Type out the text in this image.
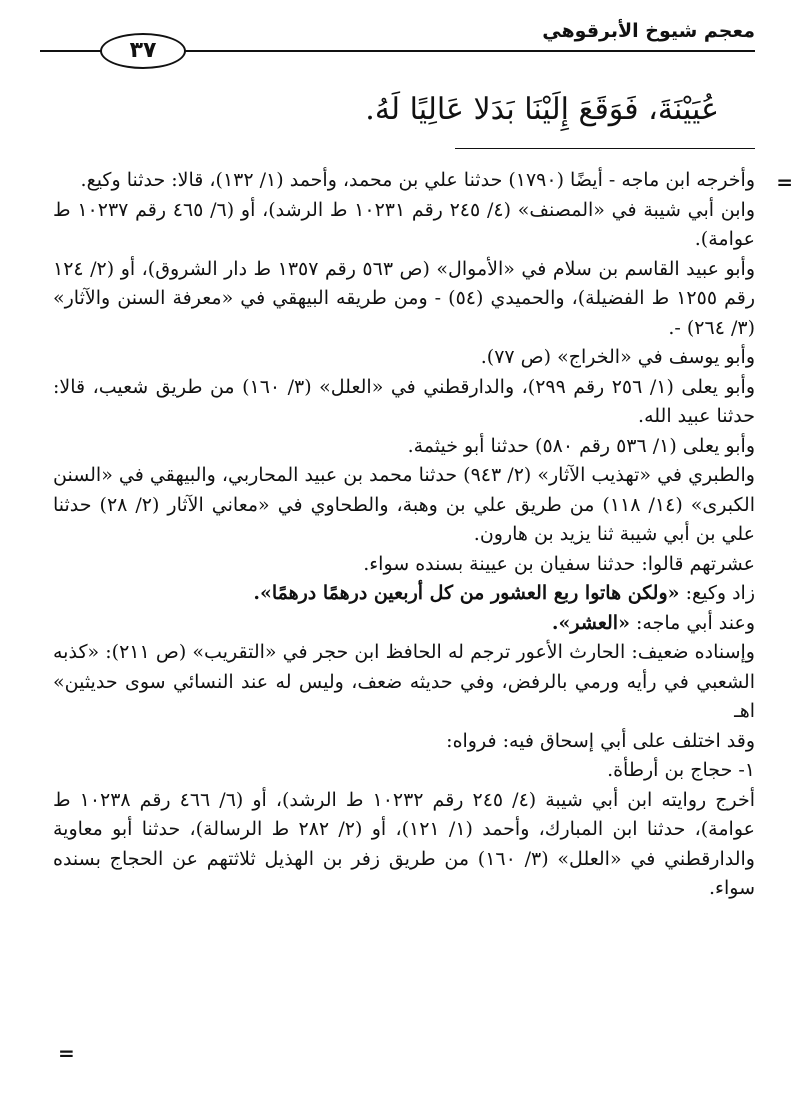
معجم شيوخ الأبرقوهي
٣٧
عُيَيْنَةَ، فَوَقَعَ إِلَيْنَا بَدَلا عَالِيًا لَهُ.
=

وأخرجه ابن ماجه - أيضًا (١٧٩٠) حدثنا علي بن محمد، وأحمد (١/ ١٣٢)، قالا: حدثنا وكيع.

وابن أبي شيبة في «المصنف» (٤/ ٢٤٥ رقم ١٠٢٣١ ط الرشد)، أو (٦/ ٤٦٥ رقم ١٠٢٣٧ ط عوامة).

وأبو عبيد القاسم بن سلام في «الأموال» (ص ٥٦٣ رقم ١٣٥٧ ط دار الشروق)، أو (٢/ ١٢٤ رقم ١٢٥٥ ط الفضيلة)، والحميدي (٥٤) - ومن طريقه البيهقي في «معرفة السنن والآثار» (٣/ ٢٦٤) -.

وأبو يوسف في «الخراج» (ص ٧٧).

وأبو يعلى (١/ ٢٥٦ رقم ٢٩٩)، والدارقطني في «العلل» (٣/ ١٦٠) من طريق شعيب، قالا: حدثنا عبيد الله.

وأبو يعلى (١/ ٥٣٦ رقم ٥٨٠) حدثنا أبو خيثمة.

والطبري في «تهذيب الآثار» (٢/ ٩٤٣) حدثنا محمد بن عبيد المحاربي، والبيهقي في «السنن الكبرى» (١٤/ ١١٨) من طريق علي بن وهبة، والطحاوي في «معاني الآثار (٢/ ٢٨) حدثنا علي بن أبي شيبة ثنا يزيد بن هارون.

عشرتهم قالوا: حدثنا سفيان بن عيينة بسنده سواء.

زاد وكيع: «ولكن هاتوا ربع العشور من كل أربعين درهمًا درهمًا».

وعند أبي ماجه: «العشر».

وإسناده ضعيف: الحارث الأعور ترجم له الحافظ ابن حجر في «التقريب» (ص ٢١١): «كذبه الشعبي في رأيه ورمي بالرفض، وفي حديثه ضعف، وليس له عند النسائي سوى حديثين» اهـ

وقد اختلف على أبي إسحاق فيه: فرواه:

١- حجاج بن أرطأة.

أخرج روايته ابن أبي شيبة (٤/ ٢٤٥ رقم ١٠٢٣٢ ط الرشد)، أو (٦/ ٤٦٦ رقم ١٠٢٣٨ ط عوامة)، حدثنا ابن المبارك، وأحمد (١/ ١٢١)، أو (٢/ ٢٨٢ ط الرسالة)، حدثنا أبو معاوية والدارقطني في «العلل» (٣/ ١٦٠) من طريق زفر بن الهذيل ثلاثتهم عن الحجاج بسنده سواء.

=
